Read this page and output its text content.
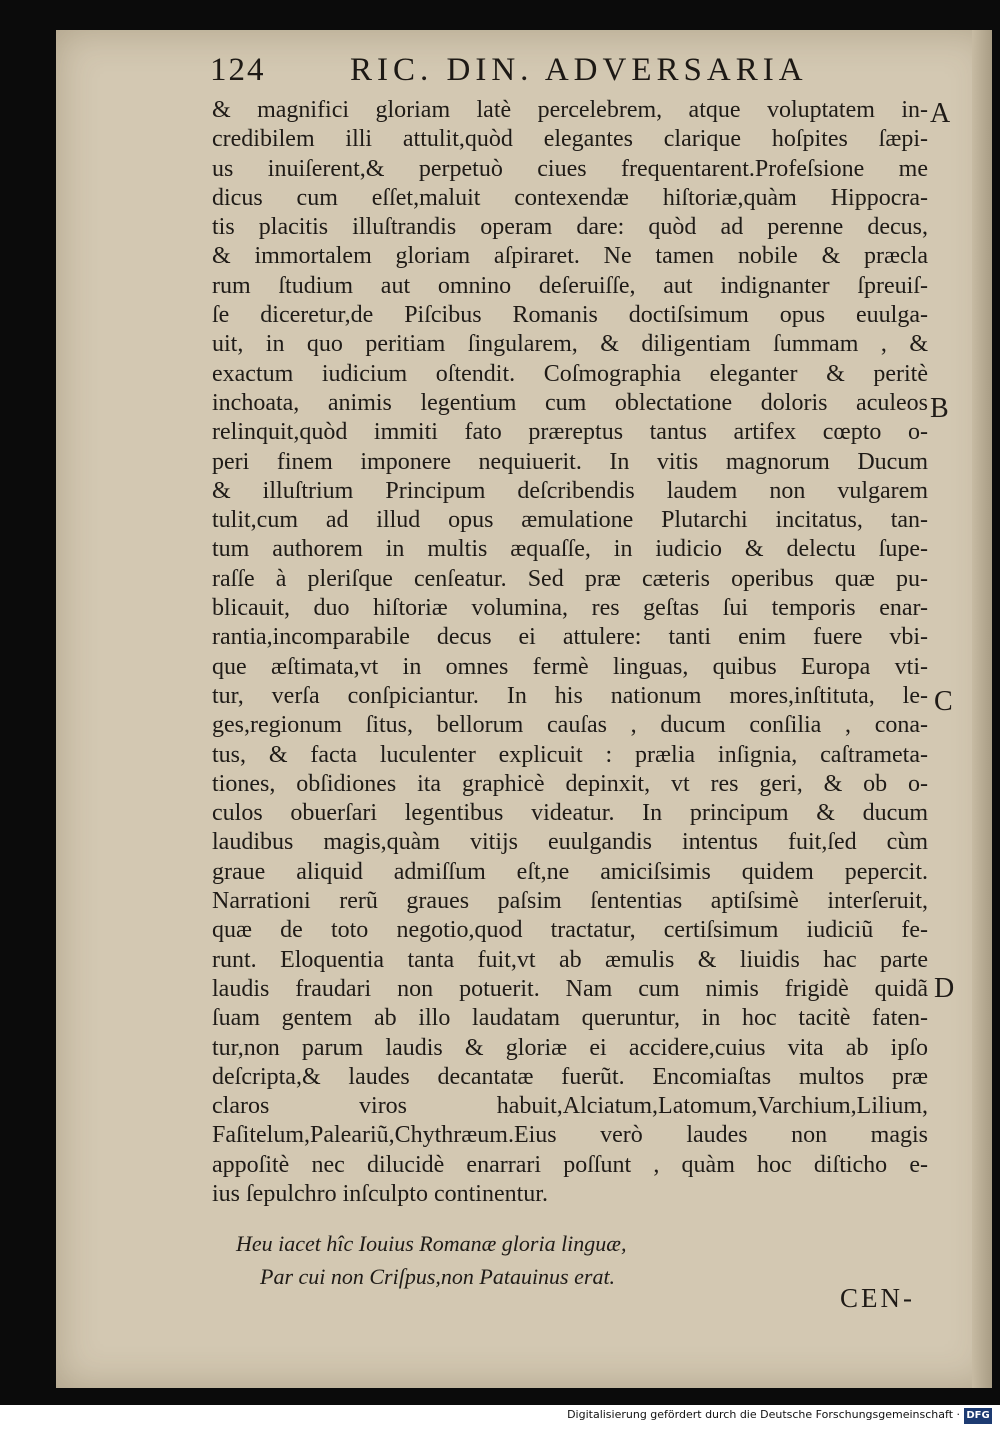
124	RIC. DIN. ADVERSARIA
& magnifici gloriam latè percelebrem, atque voluptatem in-
credibilem illi attulit,quòd elegantes clarique hoſpites ſæpi-
us inuiſerent,& perpetuò ciues frequentarent.Profeſsione me
dicus cum eſſet,maluit contexendæ hiſtoriæ,quàm Hippocra-
tis placitis illuſtrandis operam dare: quòd ad perenne decus,
& immortalem gloriam aſpiraret. Ne tamen nobile & præcla
rum ſtudium aut omnino deſeruiſſe, aut indignanter ſpreuiſ-
ſe diceretur,de Piſcibus Romanis doctiſsimum opus euulga-
uit, in quo peritiam ſingularem, & diligentiam ſummam , &
exactum iudicium oſtendit. Coſmographia eleganter & peritè
inchoata, animis legentium cum oblectatione doloris aculeos
relinquit,quòd immiti fato præreptus tantus artifex cœpto o-
peri finem imponere nequiuerit. In vitis magnorum Ducum
& illuſtrium Principum deſcribendis laudem non vulgarem
tulit,cum ad illud opus æmulatione Plutarchi incitatus, tan-
tum authorem in multis æquaſſe, in iudicio & delectu ſupe-
raſſe à pleriſque cenſeatur. Sed præ cæteris operibus quæ pu-
blicauit, duo hiſtoriæ volumina, res geſtas ſui temporis enar-
rantia,incomparabile decus ei attulere: tanti enim fuere vbi-
que æſtimata,vt in omnes fermè linguas, quibus Europa vti-
tur, verſa conſpiciantur. In his nationum mores,inſtituta, le-
ges,regionum ſitus, bellorum cauſas , ducum conſilia , cona-
tus, & facta luculenter explicuit : prælia inſignia, caſtrameta-
tiones, obſidiones ita graphicè depinxit, vt res geri, & ob o-
culos obuerſari legentibus videatur. In principum & ducum
laudibus magis,quàm vitijs euulgandis intentus fuit,ſed cùm
graue aliquid admiſſum eſt,ne amiciſsimis quidem pepercit.
Narrationi rerũ graues paſsim ſententias aptiſsimè interſeruit,
quæ de toto negotio,quod tractatur, certiſsimum iudiciũ fe-
runt. Eloquentia tanta fuit,vt ab æmulis & liuidis hac parte
laudis fraudari non potuerit. Nam cum nimis frigidè quidã
ſuam gentem ab illo laudatam queruntur, in hoc tacitè faten-
tur,non parum laudis & gloriæ ei accidere,cuius vita ab ipſo
deſcripta,& laudes decantatæ fuerũt. Encomiaſtas multos præ
claros viros habuit,Alciatum,Latomum,Varchium,Lilium,
Faſitelum,Paleariũ,Chythræum.Eius verò laudes non magis
appoſitè nec dilucidè enarrari poſſunt , quàm hoc diſticho e-
ius ſepulchro inſculpto continentur.
Heu iacet hîc Iouius Romanæ gloria linguæ,
Par cui non Criſpus,non Patauinus erat.
CEN-
A
B
C
D
Digitalisierung gefördert durch die Deutsche Forschungsgemeinschaft · DFG
